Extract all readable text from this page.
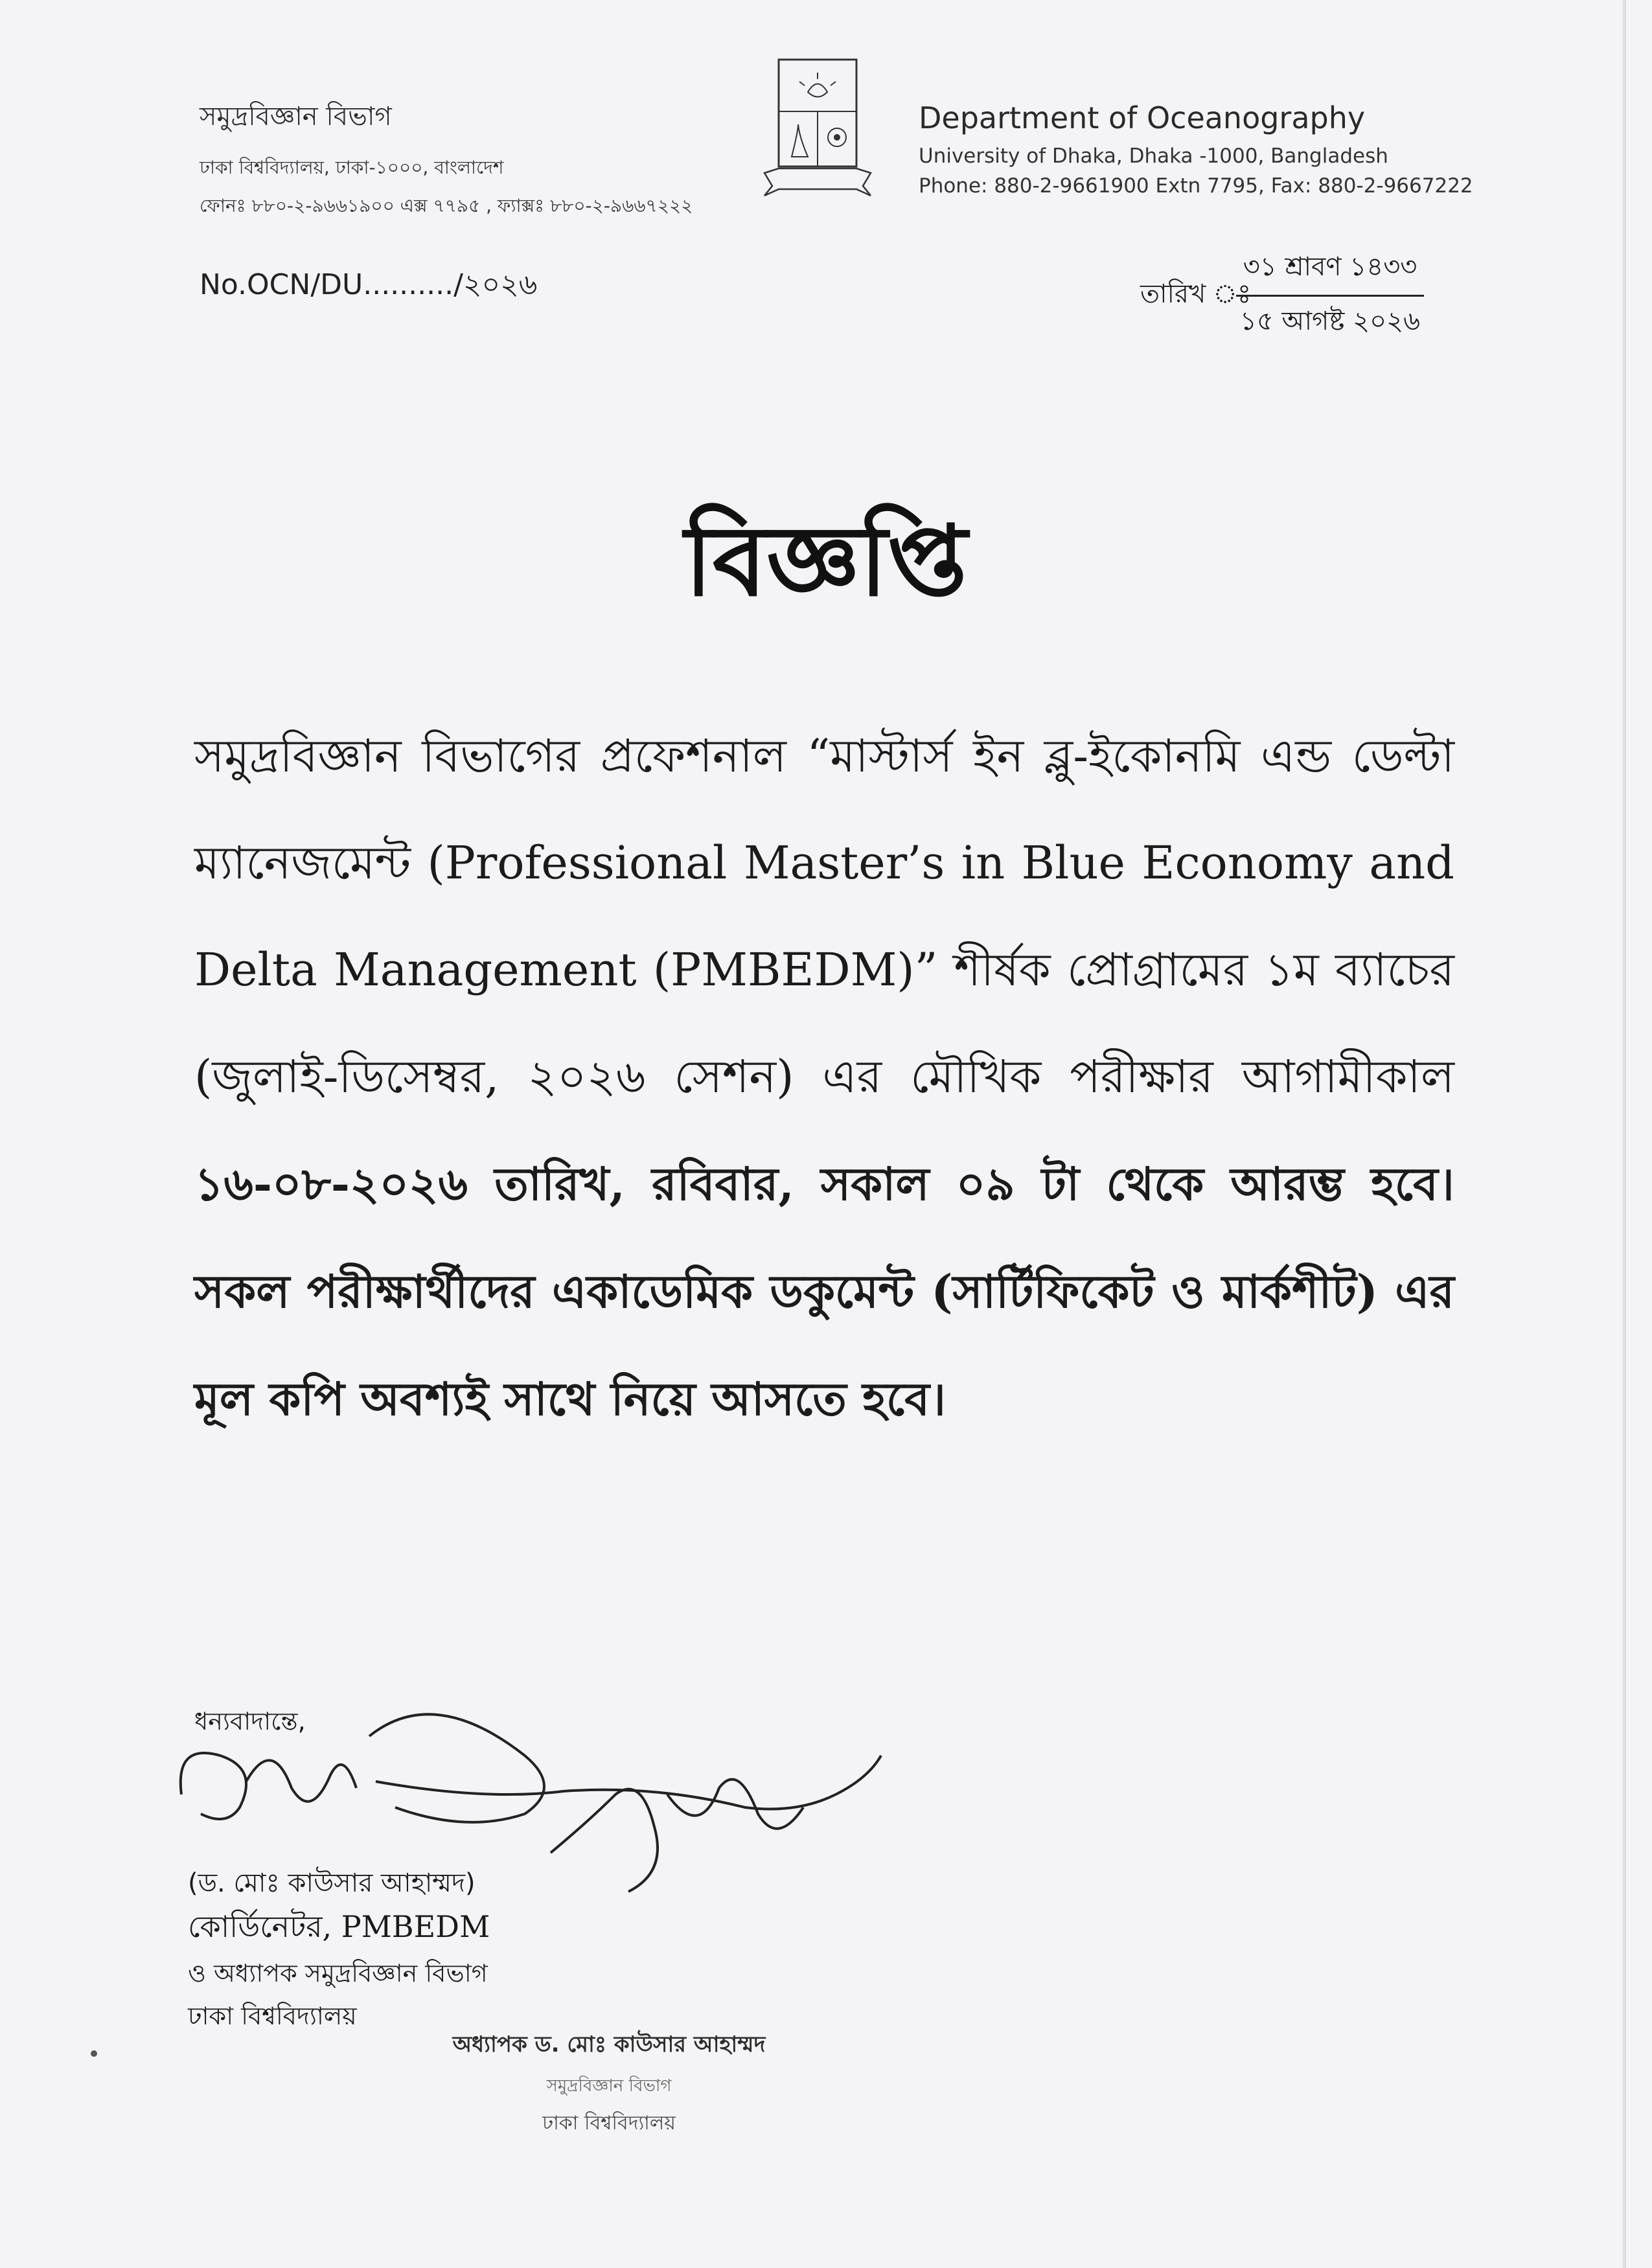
সমুদ্রবিজ্ঞান বিভাগ
ঢাকা বিশ্ববিদ্যালয়, ঢাকা-১০০০, বাংলাদেশ
ফোনঃ ৮৮০-২-৯৬৬১৯০০ এক্স ৭৭৯৫ , ফ্যাক্সঃ ৮৮০-২-৯৬৬৭২২২
Department of Oceanography
University of Dhaka, Dhaka -1000, Bangladesh
Phone: 880-2-9661900 Extn 7795, Fax: 880-2-9667222
No.OCN/DU........../২০২৬	তারিখ ঃ
৩১ শ্রাবণ ১৪৩৩
১৫ আগষ্ট ২০২৬
বিজ্ঞপ্তি
সমুদ্রবিজ্ঞান বিভাগের প্রফেশনাল “মাস্টার্স ইন ব্লু-ইকোনমি এন্ড ডেল্টা ম্যানেজমেন্ট (Professional Master’s in Blue Economy and Delta Management (PMBEDM)” শীর্ষক প্রোগ্রামের ১ম ব্যাচের (জুলাই-ডিসেম্বর, ২০২৬ সেশন) এর মৌখিক পরীক্ষার আগামীকাল ১৬-০৮-২০২৬ তারিখ, রবিবার, সকাল ০৯ টা থেকে আরম্ভ হবে। সকল পরীক্ষার্থীদের একাডেমিক ডকুমেন্ট (সার্টিফিকেট ও মার্কশীট) এর মূল কপি অবশ্যই সাথে নিয়ে আসতে হবে।
ধন্যবাদান্তে,
(ড. মোঃ কাউসার আহাম্মদ)
কোর্ডিনেটর, PMBEDM
ও অধ্যাপক সমুদ্রবিজ্ঞান বিভাগ
ঢাকা বিশ্ববিদ্যালয়
অধ্যাপক ড. মোঃ কাউসার আহাম্মদ
সমুদ্রবিজ্ঞান বিভাগ
ঢাকা বিশ্ববিদ্যালয়
